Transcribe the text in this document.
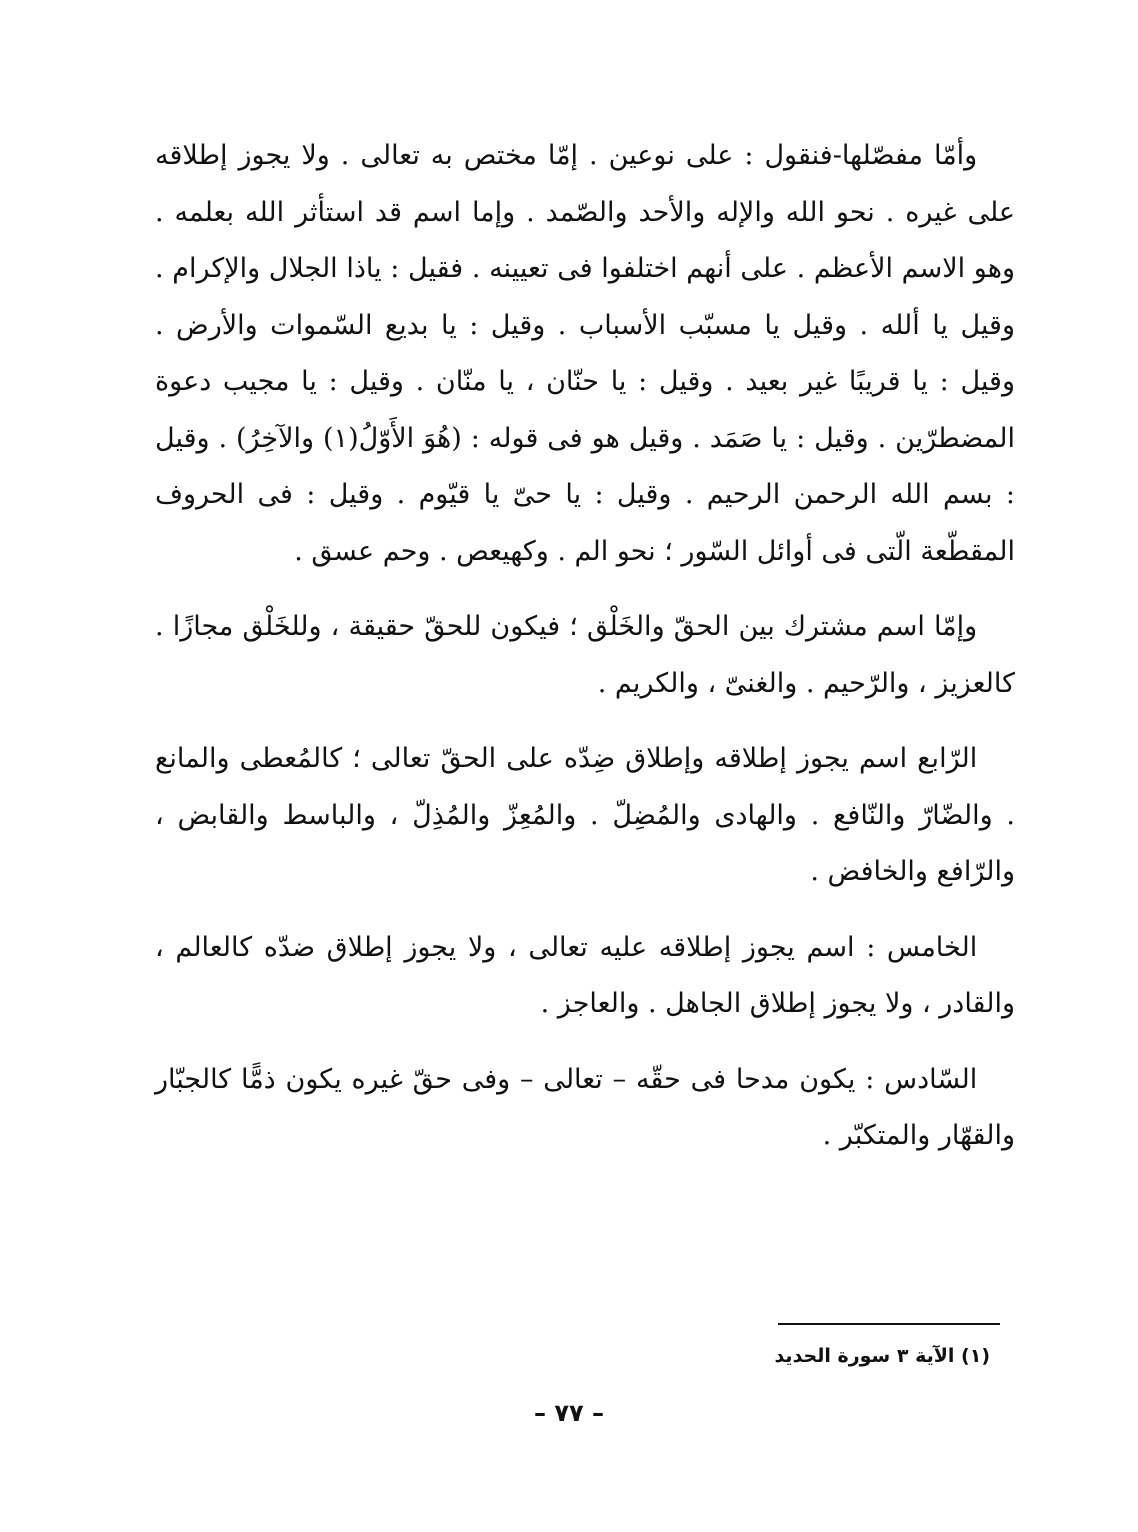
وأمّا مفصّلها-فنقول : على نوعين . إمّا مختص به تعالى . ولا يجوز إطلاقه على غيره . نحو الله والإله والأحد والصّمد . وإما اسم قد استأثر الله بعلمه . وهو الاسم الأعظم . على أنهم اختلفوا فى تعيينه . فقيل : ياذا الجلال والإكرام . وقيل يا ألله . وقيل يا مسبّب الأسباب . وقيل : يا بديع السّموات والأرض . وقيل : يا قريبًا غير بعيد . وقيل : يا حنّان ، يا منّان . وقيل : يا مجيب دعوة المضطرّين . وقيل : يا صَمَد . وقيل هو فى قوله : (هُوَ الأَوّلُ(١) والآخِرُ) . وقيل : بسم الله الرحمن الرحيم . وقيل : يا حىّ يا قيّوم . وقيل : فى الحروف المقطّعة الّتى فى أوائل السّور ؛ نحو الم . وكهيعص . وحم عسق .

وإمّا اسم مشترك بين الحقّ والخَلْق ؛ فيكون للحقّ حقيقة ، وللخَلْق مجازًا . كالعزيز ، والرّحيم . والغنىّ ، والكريم .

الرّابع اسم يجوز إطلاقه وإطلاق ضِدّه على الحقّ تعالى ؛ كالمُعطى والمانع . والضّارّ والنّافع . والهادى والمُضِلّ . والمُعِزّ والمُذِلّ ، والباسط والقابض ، والرّافع والخافض .

الخامس : اسم يجوز إطلاقه عليه تعالى ، ولا يجوز إطلاق ضدّه كالعالم ، والقادر ، ولا يجوز إطلاق الجاهل . والعاجز .

السّادس : يكون مدحا فى حقّه – تعالى – وفى حقّ غيره يكون ذمًّا كالجبّار والقهّار والمتكبّر .

(١) الآية ٣ سورة الحديد
– ٧٧ –
